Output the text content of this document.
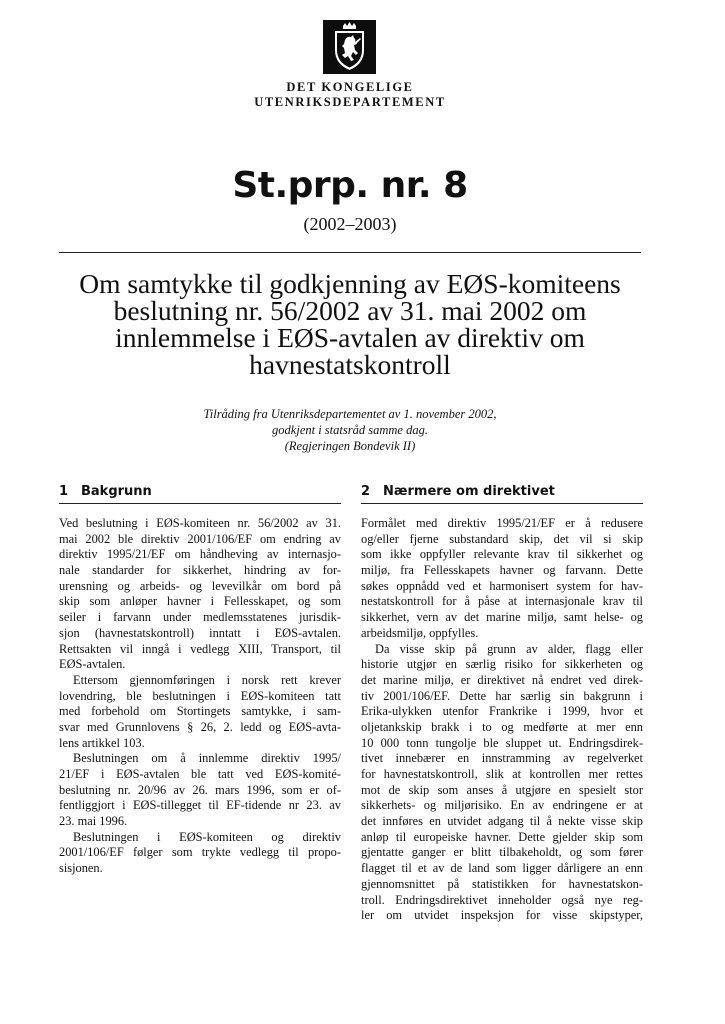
DET KONGELIGE
UTENRIKSDEPARTEMENT
St.prp. nr. 8
(2002–2003)
Om samtykke til godkjenning av EØS-komiteens
beslutning nr. 56/2002 av 31. mai 2002 om
innlemmelse i EØS-avtalen av direktiv om
havnestatskontroll
Tilråding fra Utenriksdepartementet av 1. november 2002,
godkjent i statsråd samme dag.
(Regjeringen Bondevik II)
1 Bakgrunn
Ved beslutning i EØS-komiteen nr. 56/2002 av 31.
mai 2002 ble direktiv 2001/106/EF om endring av
direktiv 1995/21/EF om håndheving av internasjo-
nale standarder for sikkerhet, hindring av for-
urensning og arbeids- og levevilkår om bord på
skip som anløper havner i Fellesskapet, og som
seiler i farvann under medlemsstatenes jurisdik-
sjon (havnestatskontroll) inntatt i EØS-avtalen.
Rettsakten vil inngå i vedlegg XIII, Transport, til
EØS-avtalen.
Ettersom gjennomføringen i norsk rett krever
lovendring, ble beslutningen i EØS-komiteen tatt
med forbehold om Stortingets samtykke, i sam-
svar med Grunnlovens § 26, 2. ledd og EØS-avta-
lens artikkel 103.
Beslutningen om å innlemme direktiv 1995/
21/EF i EØS-avtalen ble tatt ved EØS-komité-
beslutning nr. 20/96 av 26. mars 1996, som er of-
fentliggjort i EØS-tillegget til EF-tidende nr 23. av
23. mai 1996.
Beslutningen i EØS-komiteen og direktiv
2001/106/EF følger som trykte vedlegg til propo-
sisjonen.
2 Nærmere om direktivet
Formålet med direktiv 1995/21/EF er å redusere
og/eller fjerne substandard skip, det vil si skip
som ikke oppfyller relevante krav til sikkerhet og
miljø, fra Fellesskapets havner og farvann. Dette
søkes oppnådd ved et harmonisert system for hav-
nestatskontroll for å påse at internasjonale krav til
sikkerhet, vern av det marine miljø, samt helse- og
arbeidsmiljø, oppfylles.
Da visse skip på grunn av alder, flagg eller
historie utgjør en særlig risiko for sikkerheten og
det marine miljø, er direktivet nå endret ved direk-
tiv 2001/106/EF. Dette har særlig sin bakgrunn i
Erika-ulykken utenfor Frankrike i 1999, hvor et
oljetankskip brakk i to og medførte at mer enn
10 000 tonn tungolje ble sluppet ut. Endringsdirek-
tivet innebærer en innstramming av regelverket
for havnestatskontroll, slik at kontrollen mer rettes
mot de skip som anses å utgjøre en spesielt stor
sikkerhets- og miljørisiko. En av endringene er at
det innføres en utvidet adgang til å nekte visse skip
anløp til europeiske havner. Dette gjelder skip som
gjentatte ganger er blitt tilbakeholdt, og som fører
flagget til et av de land som ligger dårligere an enn
gjennomsnittet på statistikken for havnestatskon-
troll. Endringsdirektivet inneholder også nye reg-
ler om utvidet inspeksjon for visse skipstyper,
